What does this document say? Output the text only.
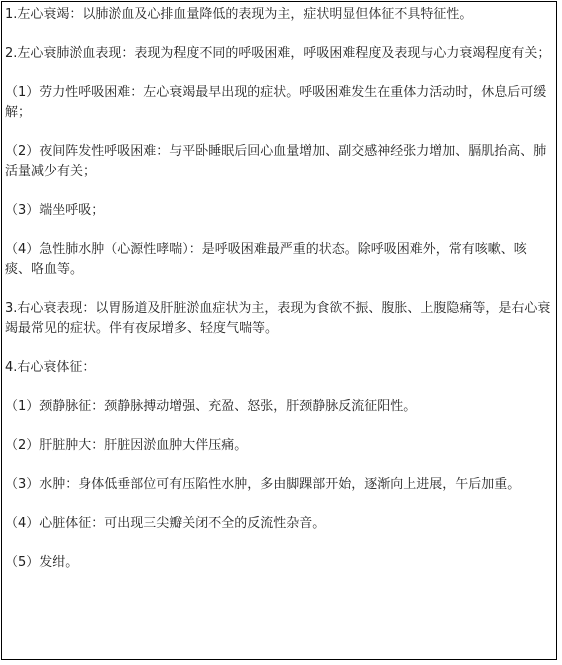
1.左心衰竭：以肺淤血及心排血量降低的表现为主，症状明显但体征不具特征性。

2.左心衰肺淤血表现：表现为程度不同的呼吸困难，呼吸困难程度及表现与心力衰竭程度有关；

（1）劳力性呼吸困难：左心衰竭最早出现的症状。呼吸困难发生在重体力活动时，休息后可缓解；

（2）夜间阵发性呼吸困难：与平卧睡眠后回心血量增加、副交感神经张力增加、膈肌抬高、肺活量减少有关；

（3）端坐呼吸；

（4）急性肺水肿（心源性哮喘）：是呼吸困难最严重的状态。除呼吸困难外，常有咳嗽、咳痰、咯血等。

3.右心衰表现：以胃肠道及肝脏淤血症状为主，表现为食欲不振、腹胀、上腹隐痛等，是右心衰竭最常见的症状。伴有夜尿增多、轻度气喘等。

4.右心衰体征：

（1）颈静脉征：颈静脉搏动增强、充盈、怒张，肝颈静脉反流征阳性。

（2）肝脏肿大：肝脏因淤血肿大伴压痛。

（3）水肿：身体低垂部位可有压陷性水肿，多由脚踝部开始，逐渐向上进展，午后加重。

（4）心脏体征：可出现三尖瓣关闭不全的反流性杂音。

（5）发绀。
